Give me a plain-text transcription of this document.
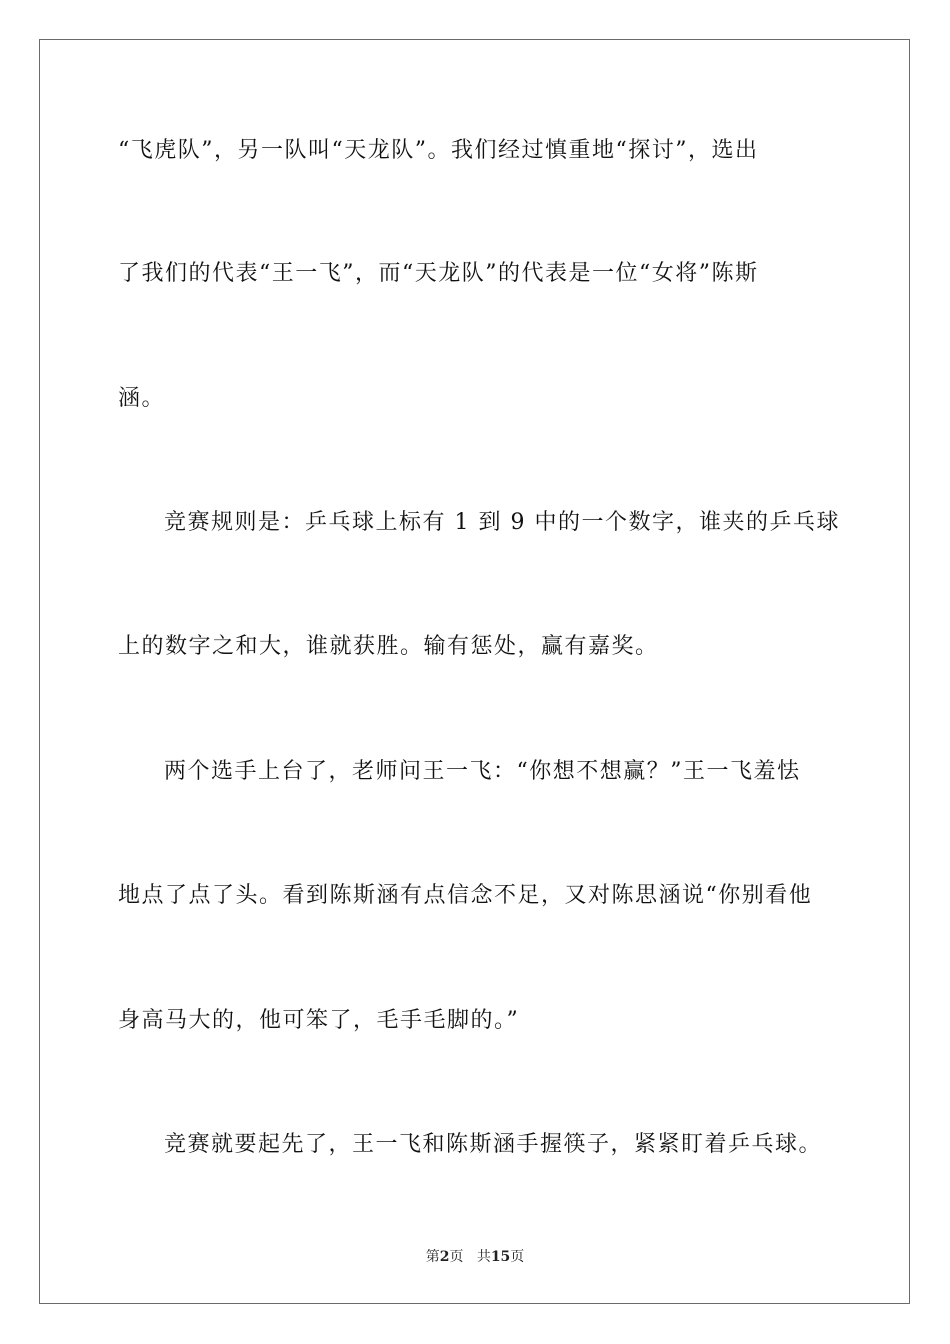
“飞虎队”，另一队叫“天龙队”。我们经过慎重地“探讨”，选出
了我们的代表“王一飞”，而“天龙队”的代表是一位“女将”陈斯
涵。
竞赛规则是：乒乓球上标有 1 到 9 中的一个数字，谁夹的乒乓球
上的数字之和大，谁就获胜。输有惩处，赢有嘉奖。
两个选手上台了，老师问王一飞：“你想不想赢？”王一飞羞怯
地点了点了头。看到陈斯涵有点信念不足，又对陈思涵说“你别看他
身高马大的，他可笨了，毛手毛脚的。”
竞赛就要起先了，王一飞和陈斯涵手握筷子，紧紧盯着乒乓球。
第2页 共15页
